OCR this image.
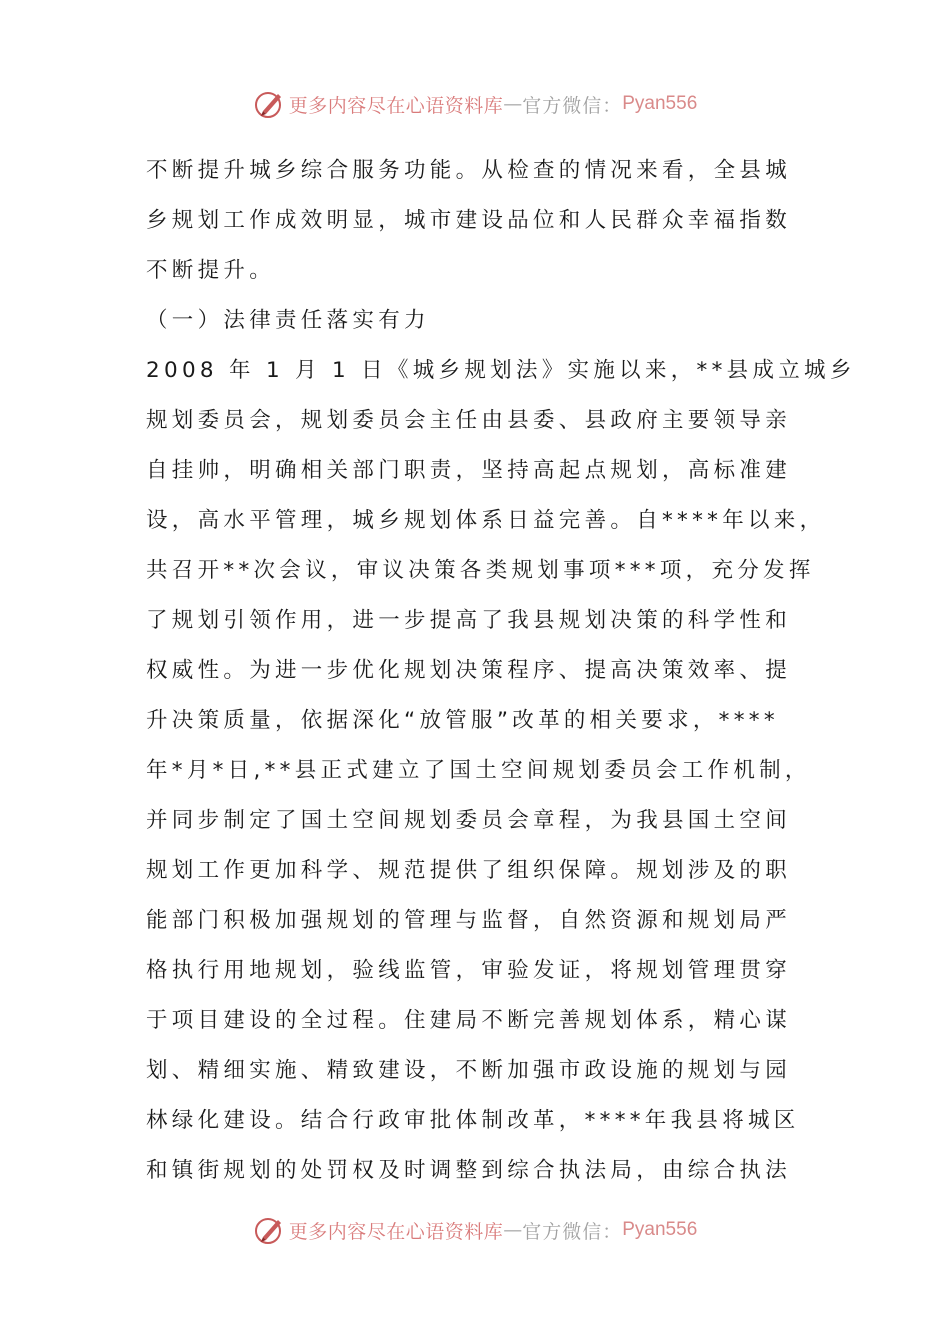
更多内容尽在心语资料库 — 官方微信： Pyan556
不断提升城乡综合服务功能。从检查的情况来看，全县城
乡规划工作成效明显，城市建设品位和人民群众幸福指数
不断提升。
（一）法律责任落实有力
2008 年 1 月 1 日《城乡规划法》实施以来，**县成立城乡
规划委员会，规划委员会主任由县委、县政府主要领导亲
自挂帅，明确相关部门职责，坚持高起点规划，高标准建
设，高水平管理，城乡规划体系日益完善。自****年以来，
共召开**次会议，审议决策各类规划事项***项，充分发挥
了规划引领作用，进一步提高了我县规划决策的科学性和
权威性。为进一步优化规划决策程序、提高决策效率、提
升决策质量，依据深化“放管服”改革的相关要求，****
年*月*日,**县正式建立了国土空间规划委员会工作机制，
并同步制定了国土空间规划委员会章程，为我县国土空间
规划工作更加科学、规范提供了组织保障。规划涉及的职
能部门积极加强规划的管理与监督，自然资源和规划局严
格执行用地规划，验线监管，审验发证，将规划管理贯穿
于项目建设的全过程。住建局不断完善规划体系，精心谋
划、精细实施、精致建设，不断加强市政设施的规划与园
林绿化建设。结合行政审批体制改革，****年我县将城区
和镇街规划的处罚权及时调整到综合执法局，由综合执法
更多内容尽在心语资料库 — 官方微信： Pyan556
